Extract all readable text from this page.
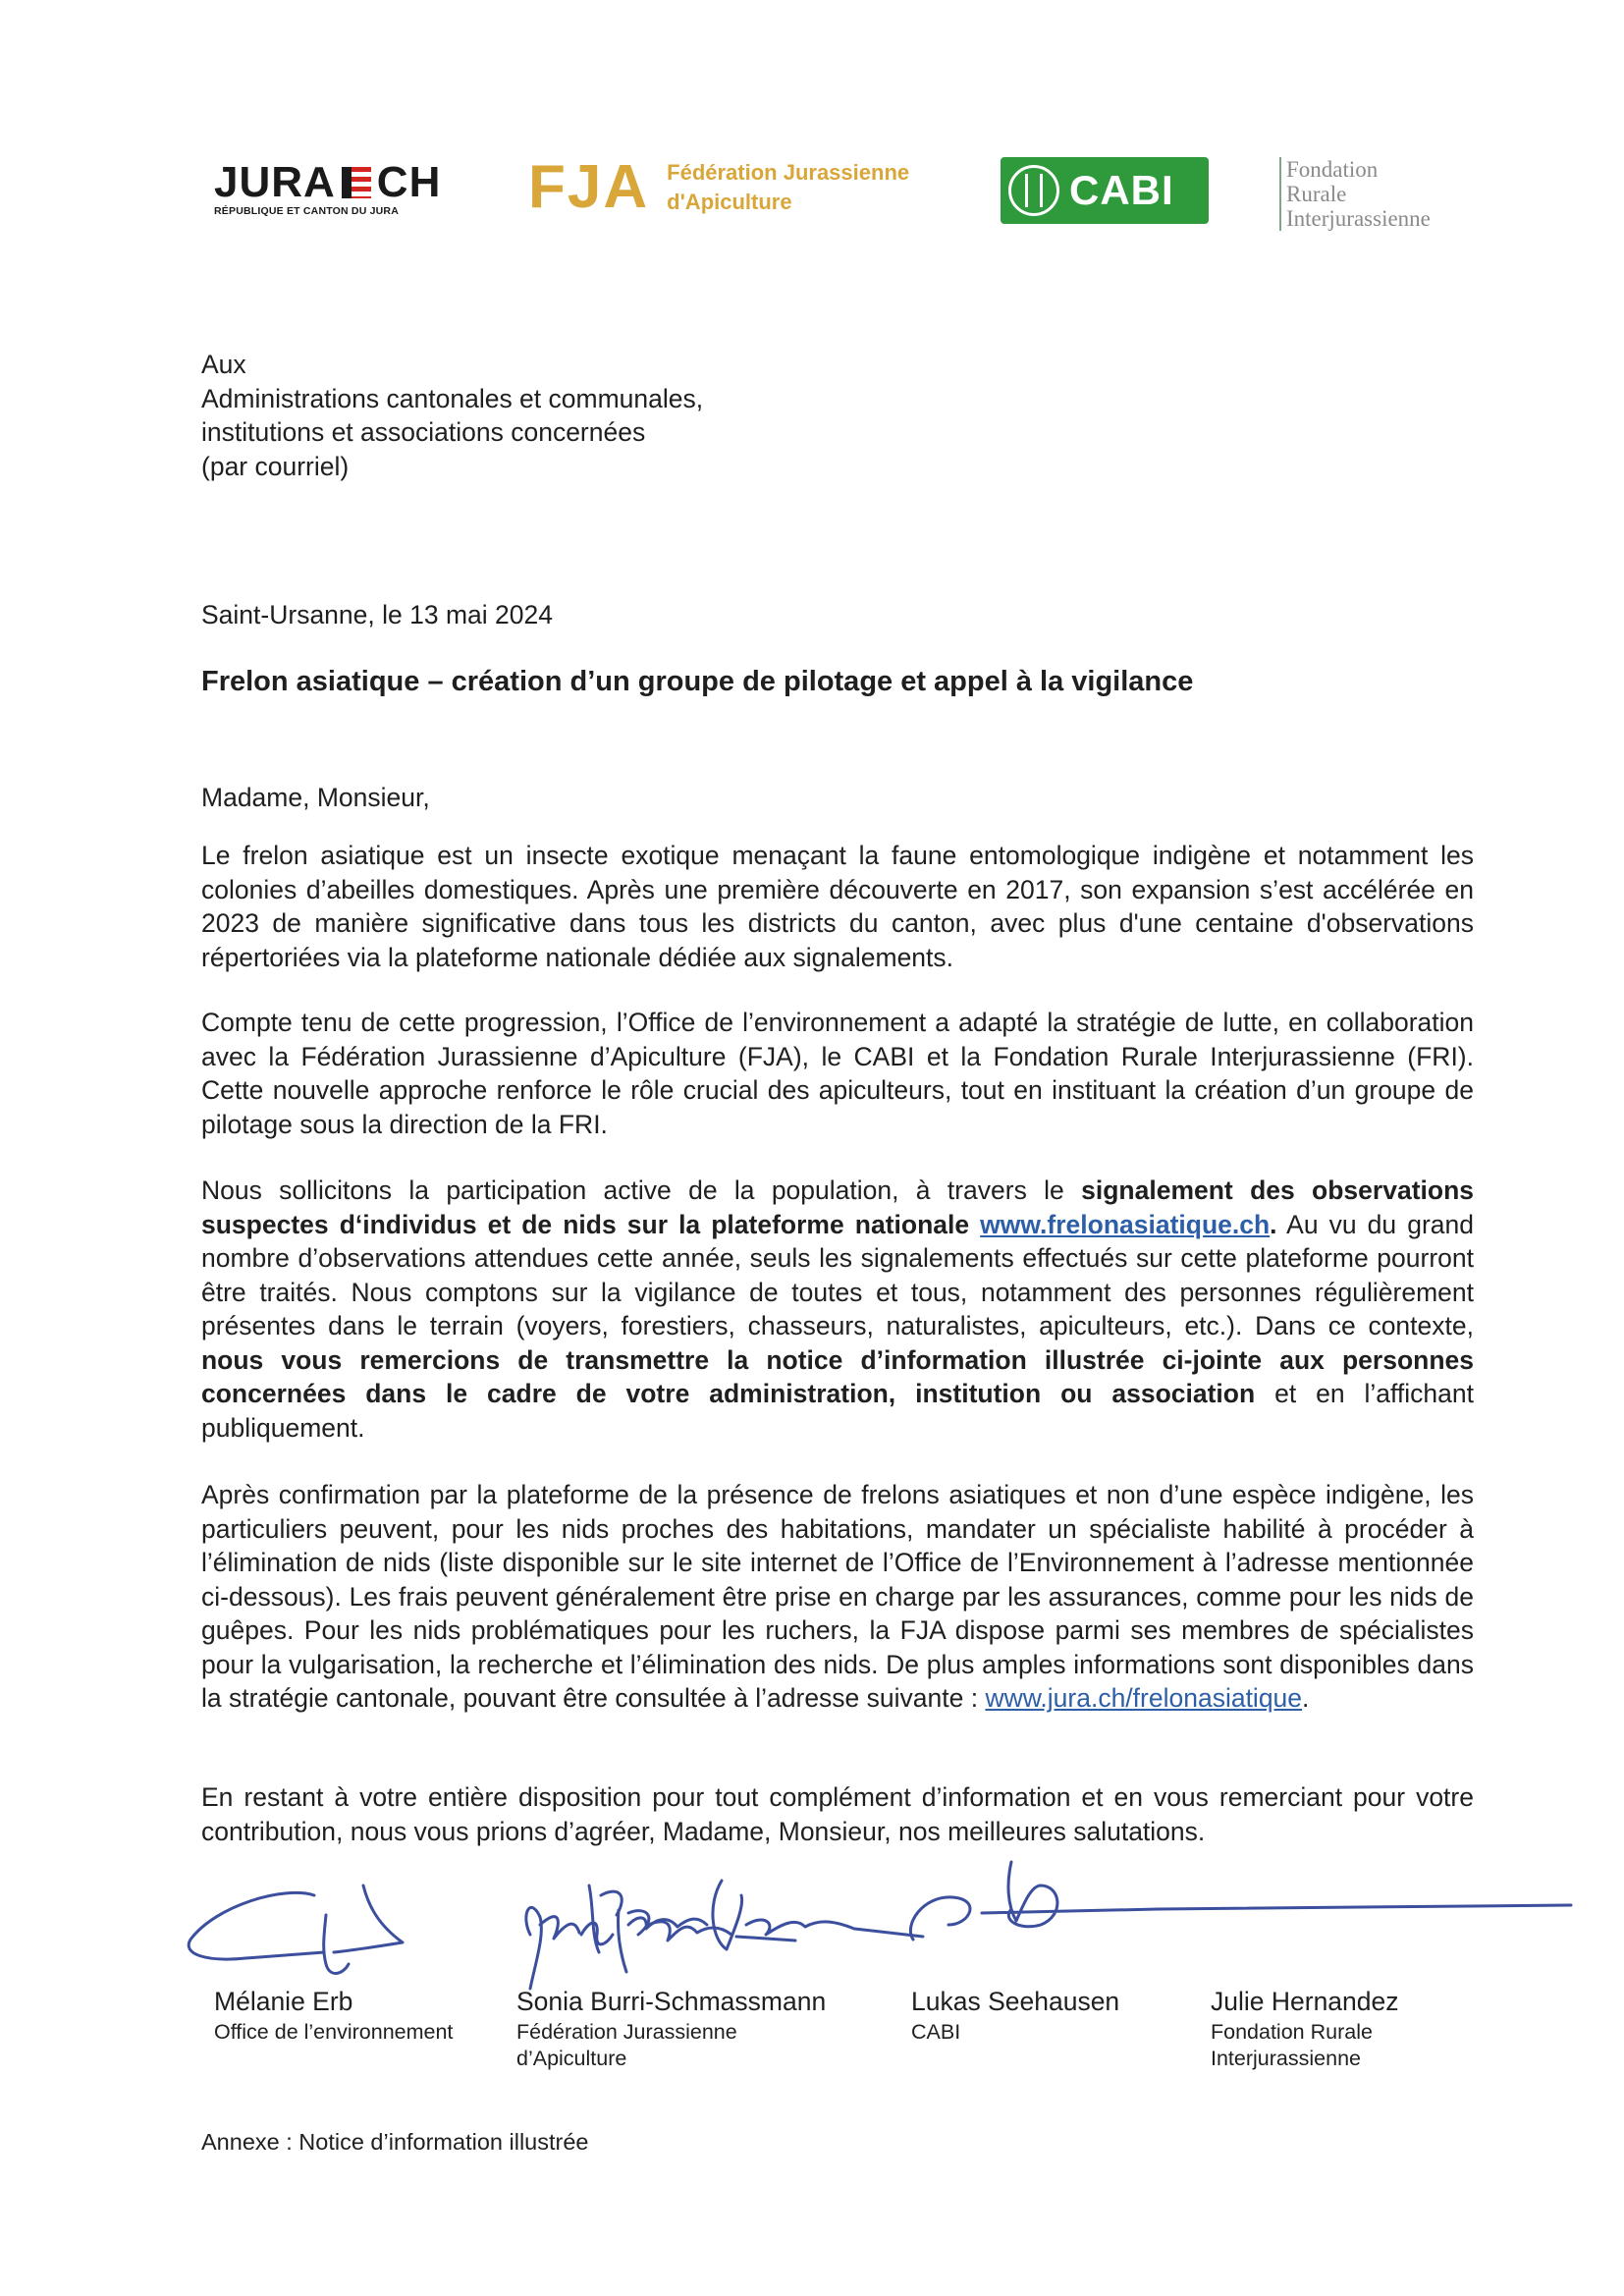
JURA CH
RÉPUBLIQUE ET CANTON DU JURA	FJA Fédération Jurassienne
d'Apiculture	CABI	Fondation
Rurale
Interjurassienne
Aux
Administrations cantonales et communales,
institutions et associations concernées
(par courriel)
Saint-Ursanne, le 13 mai 2024
Frelon asiatique – création d’un groupe de pilotage et appel à la vigilance
Madame, Monsieur,
Le frelon asiatique est un insecte exotique menaçant la faune entomologique indigène et notamment les colonies d’abeilles domestiques. Après une première découverte en 2017, son expansion s’est accélérée en 2023 de manière significative dans tous les districts du canton, avec plus d'une centaine d'observations répertoriées via la plateforme nationale dédiée aux signalements.
Compte tenu de cette progression, l’Office de l’environnement a adapté la stratégie de lutte, en collaboration avec la Fédération Jurassienne d’Apiculture (FJA), le CABI et la Fondation Rurale Interjurassienne (FRI). Cette nouvelle approche renforce le rôle crucial des apiculteurs, tout en instituant la création d’un groupe de pilotage sous la direction de la FRI.
Nous sollicitons la participation active de la population, à travers le signalement des observations suspectes d‘individus et de nids sur la plateforme nationale www.frelonasiatique.ch. Au vu du grand nombre d’observations attendues cette année, seuls les signalements effectués sur cette plateforme pourront être traités. Nous comptons sur la vigilance de toutes et tous, notamment des personnes régulièrement présentes dans le terrain (voyers, forestiers, chasseurs, naturalistes, apiculteurs, etc.). Dans ce contexte, nous vous remercions de transmettre la notice d’information illustrée ci-jointe aux personnes concernées dans le cadre de votre administration, institution ou association et en l’affichant publiquement.
Après confirmation par la plateforme de la présence de frelons asiatiques et non d’une espèce indigène, les particuliers peuvent, pour les nids proches des habitations, mandater un spécialiste habilité à procéder à l’élimination de nids (liste disponible sur le site internet de l’Office de l’Environnement à l’adresse mentionnée ci-dessous). Les frais peuvent généralement être prise en charge par les assurances, comme pour les nids de guêpes. Pour les nids problématiques pour les ruchers, la FJA dispose parmi ses membres de spécialistes pour la vulgarisation, la recherche et l’élimination des nids. De plus amples informations sont disponibles dans la stratégie cantonale, pouvant être consultée à l’adresse suivante : www.jura.ch/frelonasiatique.
En restant à votre entière disposition pour tout complément d’information et en vous remerciant pour votre contribution, nous vous prions d’agréer, Madame, Monsieur, nos meilleures salutations.
Mélanie Erb
Office de l’environnement
Sonia Burri-Schmassmann
Fédération Jurassienne
d’Apiculture
Lukas Seehausen
CABI
Julie Hernandez
Fondation Rurale
Interjurassienne
Annexe : Notice d’information illustrée
